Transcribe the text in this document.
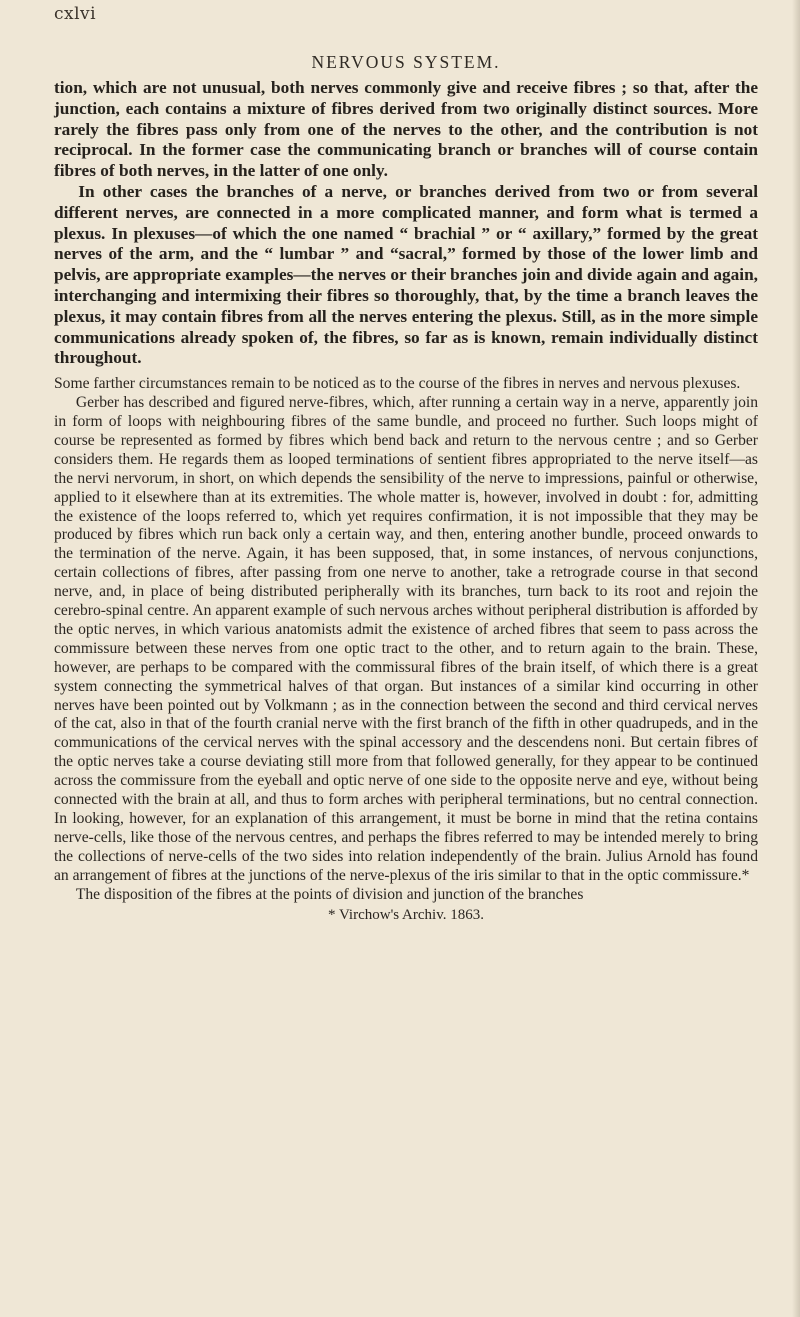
cxlvi
NERVOUS SYSTEM.

tion, which are not unusual, both nerves commonly give and receive fibres ; so that, after the junction, each contains a mixture of fibres derived from two originally distinct sources. More rarely the fibres pass only from one of the nerves to the other, and the contribution is not reciprocal. In the former case the communicating branch or branches will of course contain fibres of both nerves, in the latter of one only.

In other cases the branches of a nerve, or branches derived from two or from several different nerves, are connected in a more complicated manner, and form what is termed a plexus. In plexuses—of which the one named “ brachial ” or “ axillary,” formed by the great nerves of the arm, and the “ lumbar ” and “sacral,” formed by those of the lower limb and pelvis, are appropriate examples—the nerves or their branches join and divide again and again, interchanging and intermixing their fibres so thoroughly, that, by the time a branch leaves the plexus, it may contain fibres from all the nerves entering the plexus. Still, as in the more simple communications already spoken of, the fibres, so far as is known, remain individually distinct throughout.

Some farther circumstances remain to be noticed as to the course of the fibres in nerves and nervous plexuses.

Gerber has described and figured nerve-fibres, which, after running a certain way in a nerve, apparently join in form of loops with neighbouring fibres of the same bundle, and proceed no further. Such loops might of course be represented as formed by fibres which bend back and return to the nervous centre ; and so Gerber considers them. He regards them as looped terminations of sentient fibres appropriated to the nerve itself—as the nervi nervorum, in short, on which depends the sensibility of the nerve to impressions, painful or otherwise, applied to it elsewhere than at its extremities. The whole matter is, however, involved in doubt : for, admitting the existence of the loops referred to, which yet requires confirmation, it is not impossible that they may be produced by fibres which run back only a certain way, and then, entering another bundle, proceed onwards to the termination of the nerve. Again, it has been supposed, that, in some instances, of nervous conjunctions, certain collections of fibres, after passing from one nerve to another, take a retrograde course in that second nerve, and, in place of being distributed peripherally with its branches, turn back to its root and rejoin the cerebro-spinal centre. An apparent example of such nervous arches without peripheral distribution is afforded by the optic nerves, in which various anatomists admit the existence of arched fibres that seem to pass across the commissure between these nerves from one optic tract to the other, and to return again to the brain. These, however, are perhaps to be compared with the commissural fibres of the brain itself, of which there is a great system connecting the symmetrical halves of that organ. But instances of a similar kind occurring in other nerves have been pointed out by Volkmann ; as in the connection between the second and third cervical nerves of the cat, also in that of the fourth cranial nerve with the first branch of the fifth in other quadrupeds, and in the communications of the cervical nerves with the spinal accessory and the descendens noni. But certain fibres of the optic nerves take a course deviating still more from that followed generally, for they appear to be continued across the commissure from the eyeball and optic nerve of one side to the opposite nerve and eye, without being connected with the brain at all, and thus to form arches with peripheral terminations, but no central connection. In looking, however, for an explanation of this arrangement, it must be borne in mind that the retina contains nerve-cells, like those of the nervous centres, and perhaps the fibres referred to may be intended merely to bring the collections of nerve-cells of the two sides into relation independently of the brain. Julius Arnold has found an arrangement of fibres at the junctions of the nerve-plexus of the iris similar to that in the optic commissure.*

The disposition of the fibres at the points of division and junction of the branches

* Virchow's Archiv. 1863.
